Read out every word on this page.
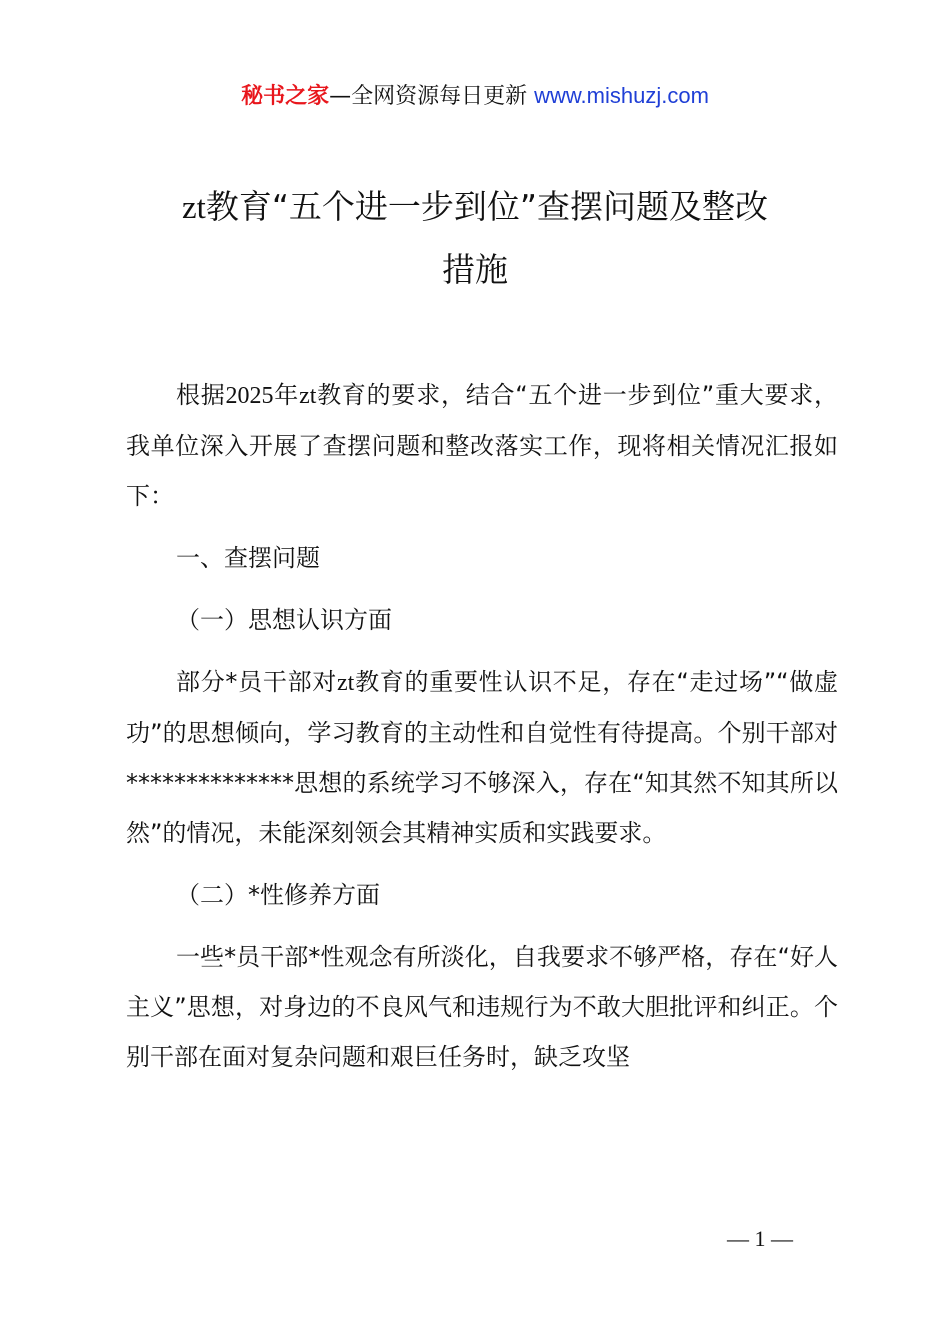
秘书之家—全网资源每日更新 www.mishuzj.com
zt教育“五个进一步到位”查摆问题及整改
措施

根据2025年zt教育的要求，结合“五个进一步到位”重大要求，我单位深入开展了查摆问题和整改落实工作，现将相关情况汇报如下：

一、查摆问题

（一）思想认识方面

部分*员干部对zt教育的重要性认识不足，存在“走过场”“做虚功”的思想倾向，学习教育的主动性和自觉性有待提高。个别干部对**************思想的系统学习不够深入，存在“知其然不知其所以然”的情况，未能深刻领会其精神实质和实践要求。

（二）*性修养方面

一些*员干部*性观念有所淡化，自我要求不够严格，存在“好人主义”思想，对身边的不良风气和违规行为不敢大胆批评和纠正。个别干部在面对复杂问题和艰巨任务时，缺乏攻坚

— 1 —
